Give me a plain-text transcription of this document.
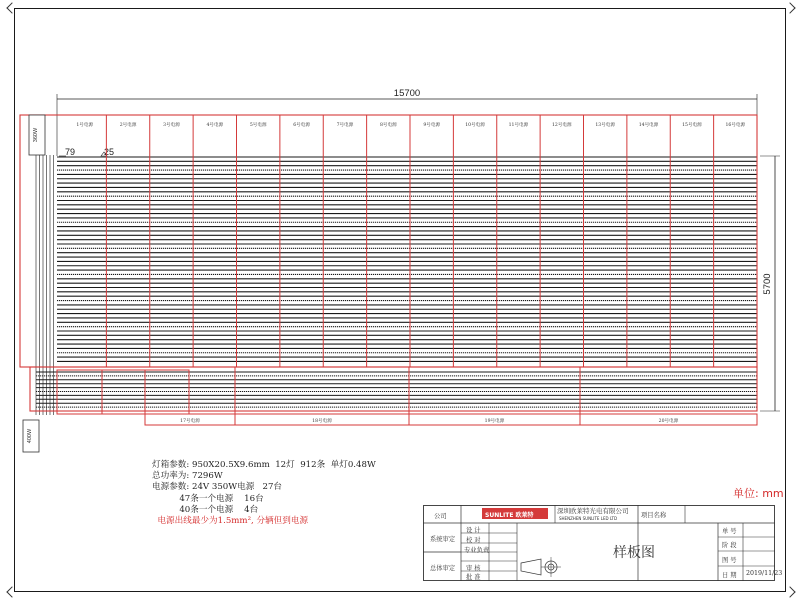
15700
5700
79	25
1号电源	2号电源	3号电源	4号电源	5号电源	6号电源	7号电源	8号电源	9号电源	10号电源	11号电源	12号电源	13号电源	14号电源	15号电源	16号电源
17号电源	18号电源	19号电源	20号电源
360W
400W
灯箱参数: 950X20.5X9.6mm  12灯  912条  单灯0.48W
总功率为: 7296W
电源参数: 24V 350W电源   27台
47条一个电源    16台
40条一个电源    4台
电源出线最少为1.5mm², 分辆但到电源
单位: mm
公司	SUNLITE 欧莱特
深圳欧莱特光电有限公司
SHENZHEN SUNLITE LED LTD	项目名称
系统审定
总体审定
设 计
校 对
专业负责
审 核
批 准
样板图
单 号
阶 段
图 号
日 期 2019/11/23
